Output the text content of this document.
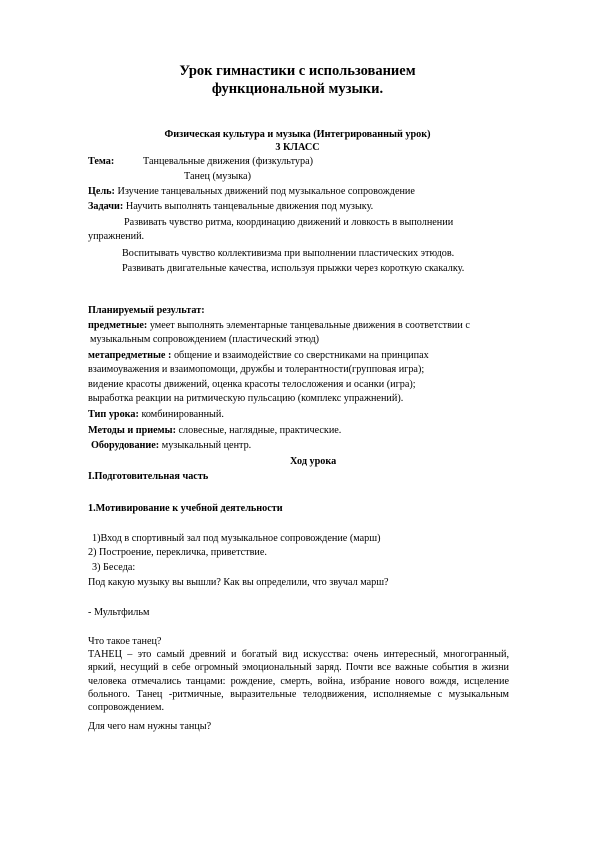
Урок гимнастики с использованием
функциональной музыки.
Физическая культура и музыка (Интегрированный урок)
3 КЛАСС
Тема:	Танцевальные движения (физкультура)
Танец (музыка)
Цель: Изучение танцевальных движений под музыкальное сопровождение
Задачи: Научить выполнять танцевальные движения под музыку.
Развивать чувство ритма, координацию движений и ловкость в выполнении
упражнений.
Воспитывать чувство коллективизма при выполнении пластических этюдов.
Развивать двигательные качества, используя прыжки через короткую скакалку.
Планируемый результат:
предметные: умеет выполнять элементарные танцевальные движения в соответствии с
музыкальным сопровождением (пластический этюд)
метапредметные : общение и взаимодействие со сверстниками на принципах
взаимоуважения и взаимопомощи, дружбы и толерантности(групповая игра);
видение красоты движений, оценка красоты телосложения и осанки (игра);
выработка реакции на ритмическую пульсацию (комплекс упражнений).
Тип урока: комбинированный.
Методы и приемы: словесные, наглядные, практические.
Оборудование: музыкальный центр.
Ход урока
I.Подготовительная часть
1.Мотивирование к учебной деятельности
1)Вход в спортивный зал под музыкальное сопровождение (марш)
2) Построение, перекличка, приветствие.
3) Беседа:
Под какую музыку вы вышли? Как вы определили, что звучал марш?
- Мультфильм
Что такое танец?
ТАНЕЦ – это самый древний и богатый вид искусства: очень интересный, многогранный, яркий, несущий в себе огромный эмоциональный заряд. Почти все важные события в жизни человека отмечались танцами: рождение, смерть, война, избрание нового вождя, исцеление больного. Танец -ритмичные, выразительные телодвижения, исполняемые с музыкальным сопровождением.
Для чего нам нужны танцы?
